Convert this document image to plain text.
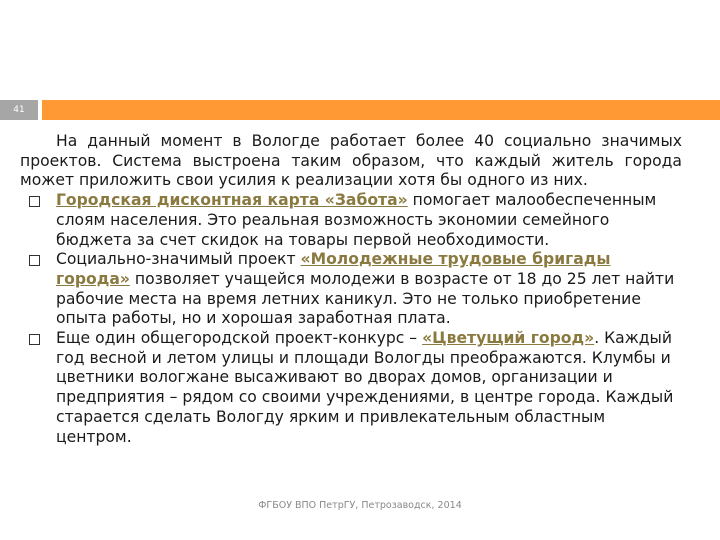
41

На данный момент в Вологде работает более 40 социально значимых проектов. Система выстроена таким образом, что каждый житель города может приложить свои усилия к реализации хотя бы одного из них.

Городская дисконтная карта «Забота» помогает малообеспеченным слоям населения. Это реальная возможность экономии семейного бюджета за счет скидок на товары первой необходимости.
Социально-значимый проект «Молодежные трудовые бригады города» позволяет учащейся молодежи в возрасте от 18 до 25 лет найти рабочие места на время летних каникул. Это не только приобретение опыта работы, но и хорошая заработная плата.
Еще один общегородской проект-конкурс – «Цветущий город». Каждый год весной и летом улицы и площади Вологды преображаются. Клумбы и цветники вологжане высаживают во дворах домов, организации и предприятия – рядом со своими учреждениями, в центре города. Каждый старается сделать Вологду ярким и привлекательным областным центром.
ФГБОУ ВПО ПетрГУ, Петрозаводск, 2014
